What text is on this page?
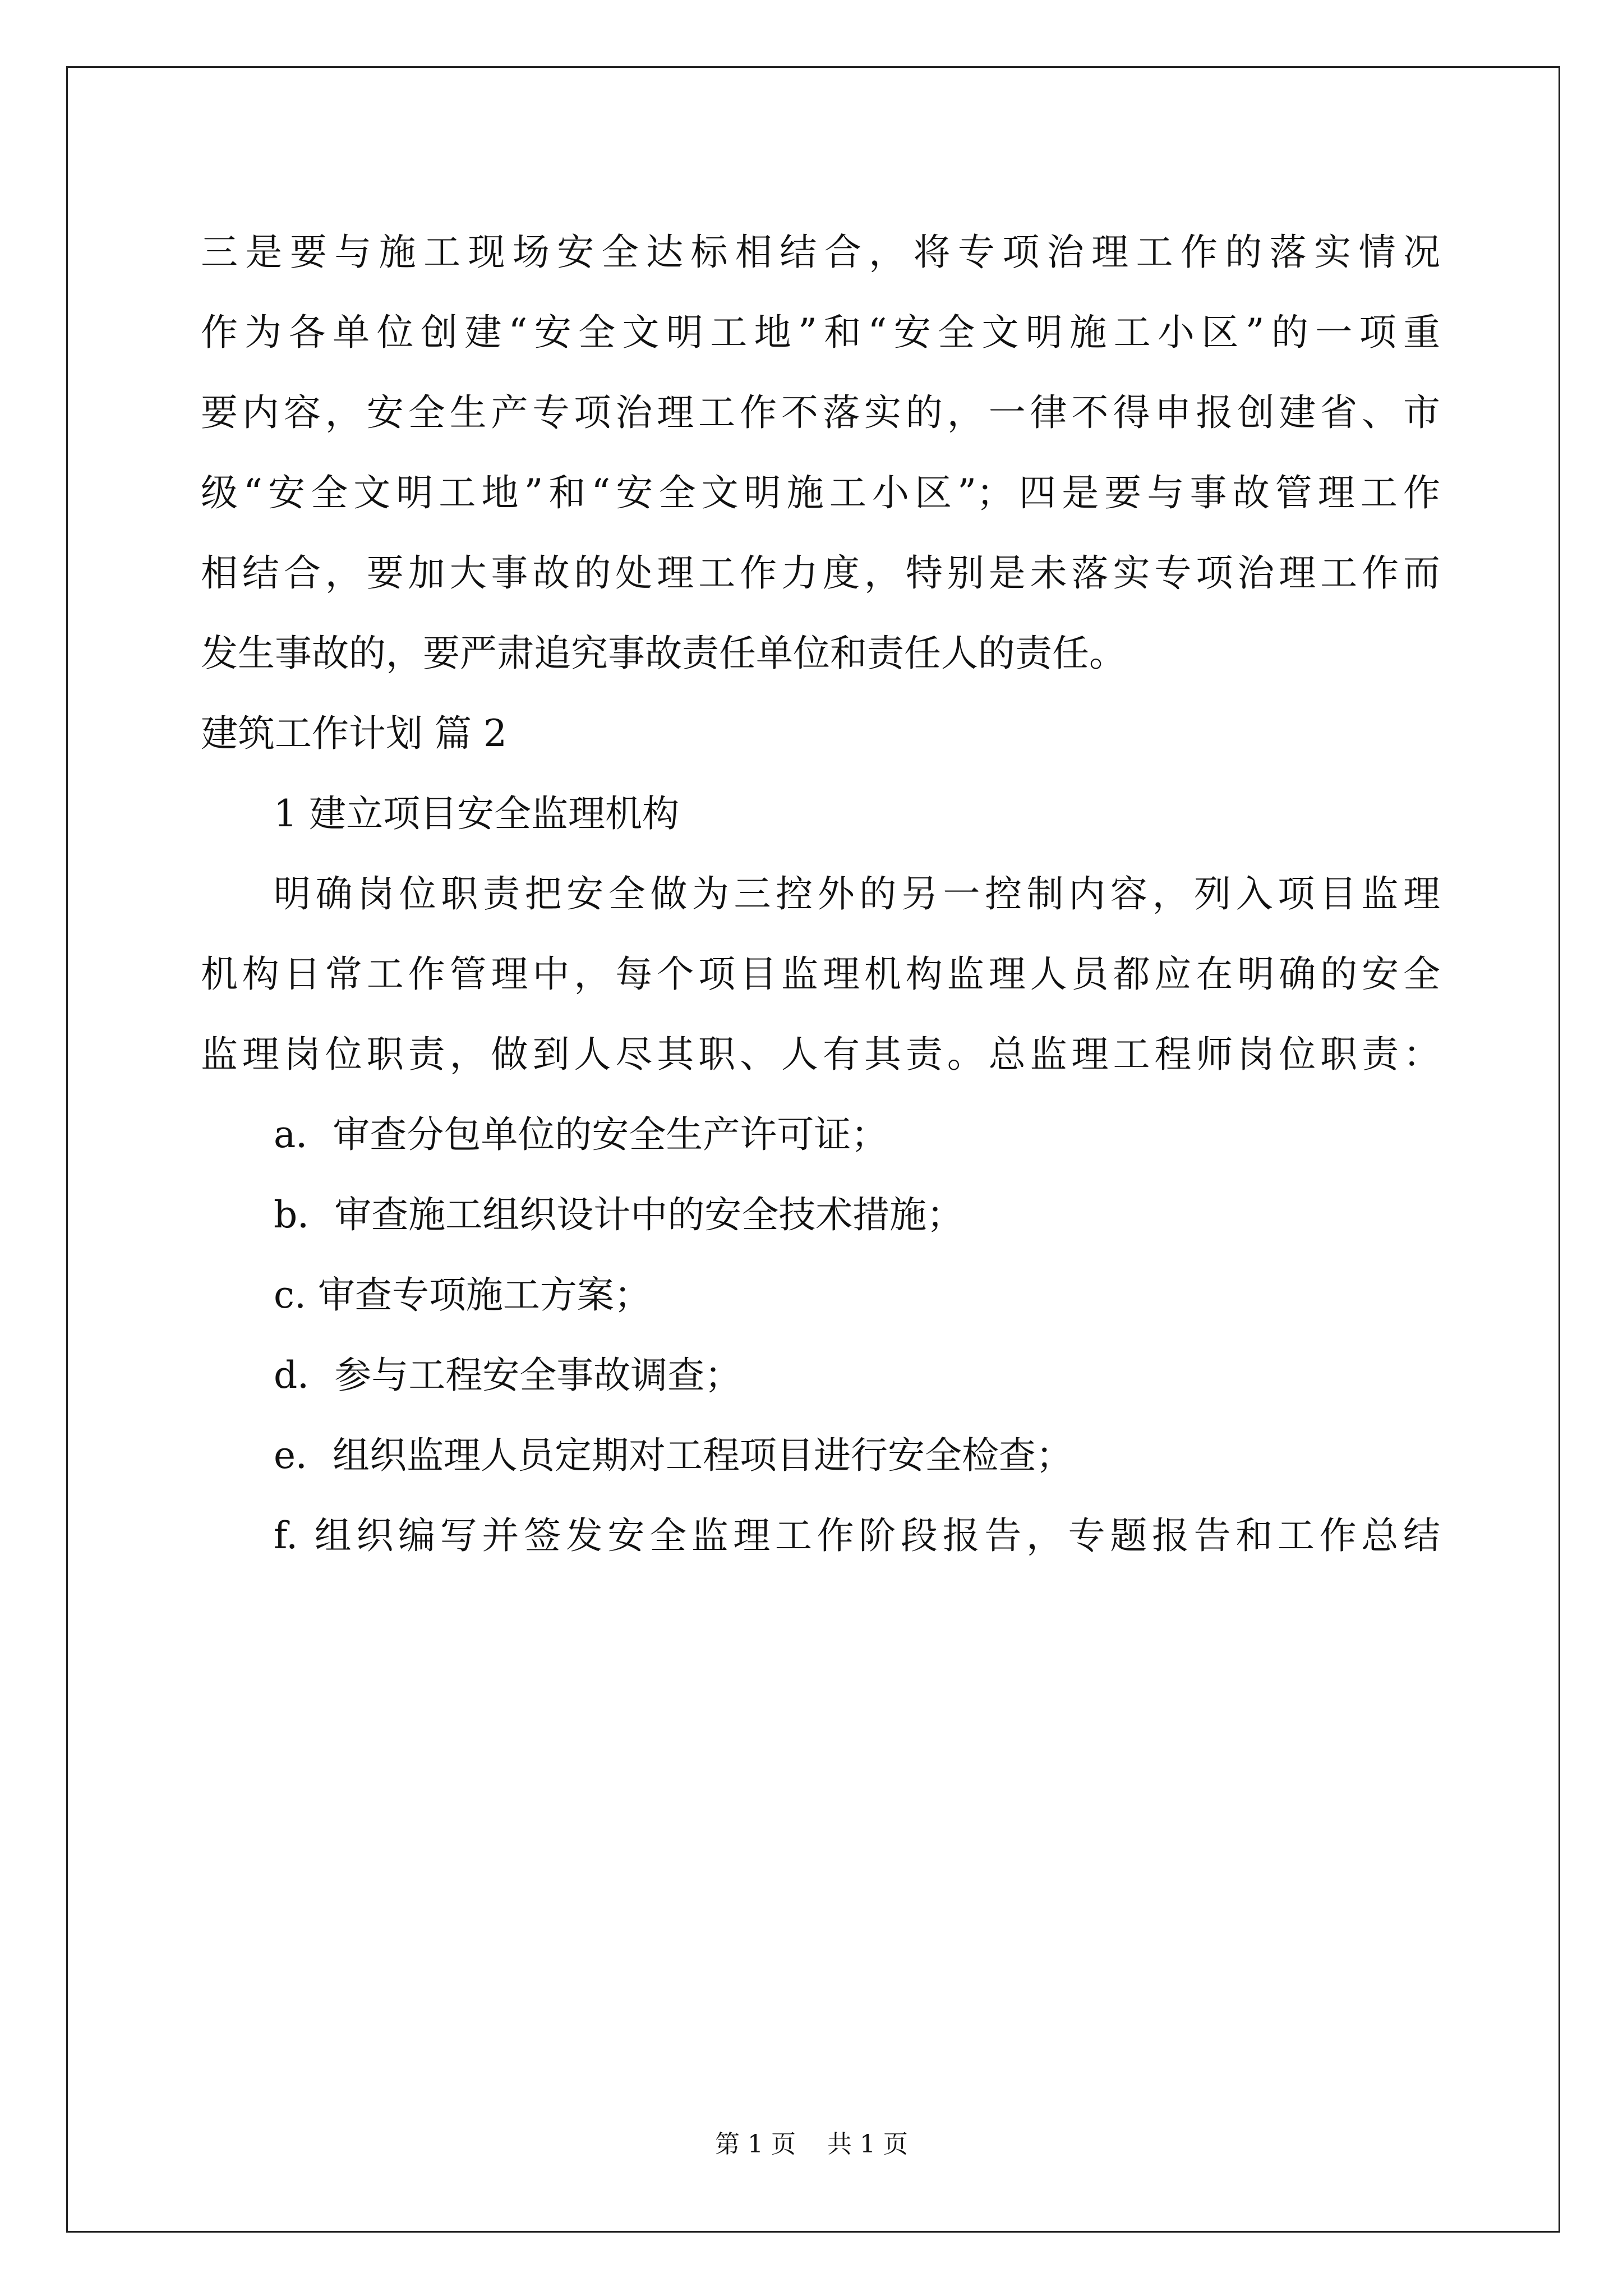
三是要与施工现场安全达标相结合，将专项治理工作的落实情况
作为各单位创建“安全文明工地”和“安全文明施工小区”的一项重
要内容，安全生产专项治理工作不落实的，一律不得申报创建省、市
级“安全文明工地”和“安全文明施工小区”；四是要与事故管理工作
相结合，要加大事故的处理工作力度，特别是未落实专项治理工作而
发生事故的，要严肃追究事故责任单位和责任人的责任。
建筑工作计划 篇 2
1 建立项目安全监理机构
明确岗位职责把安全做为三控外的另一控制内容，列入项目监理
机构日常工作管理中，每个项目监理机构监理人员都应在明确的安全
监理岗位职责，做到人尽其职、人有其责。总监理工程师岗位职责：
a．审查分包单位的安全生产许可证；
b．审查施工组织设计中的安全技术措施；
c. 审查专项施工方案；
d．参与工程安全事故调查；
e．组织监理人员定期对工程项目进行安全检查；
f. 组织编写并签发安全监理工作阶段报告，专题报告和工作总结
第 1 页    共 1 页
